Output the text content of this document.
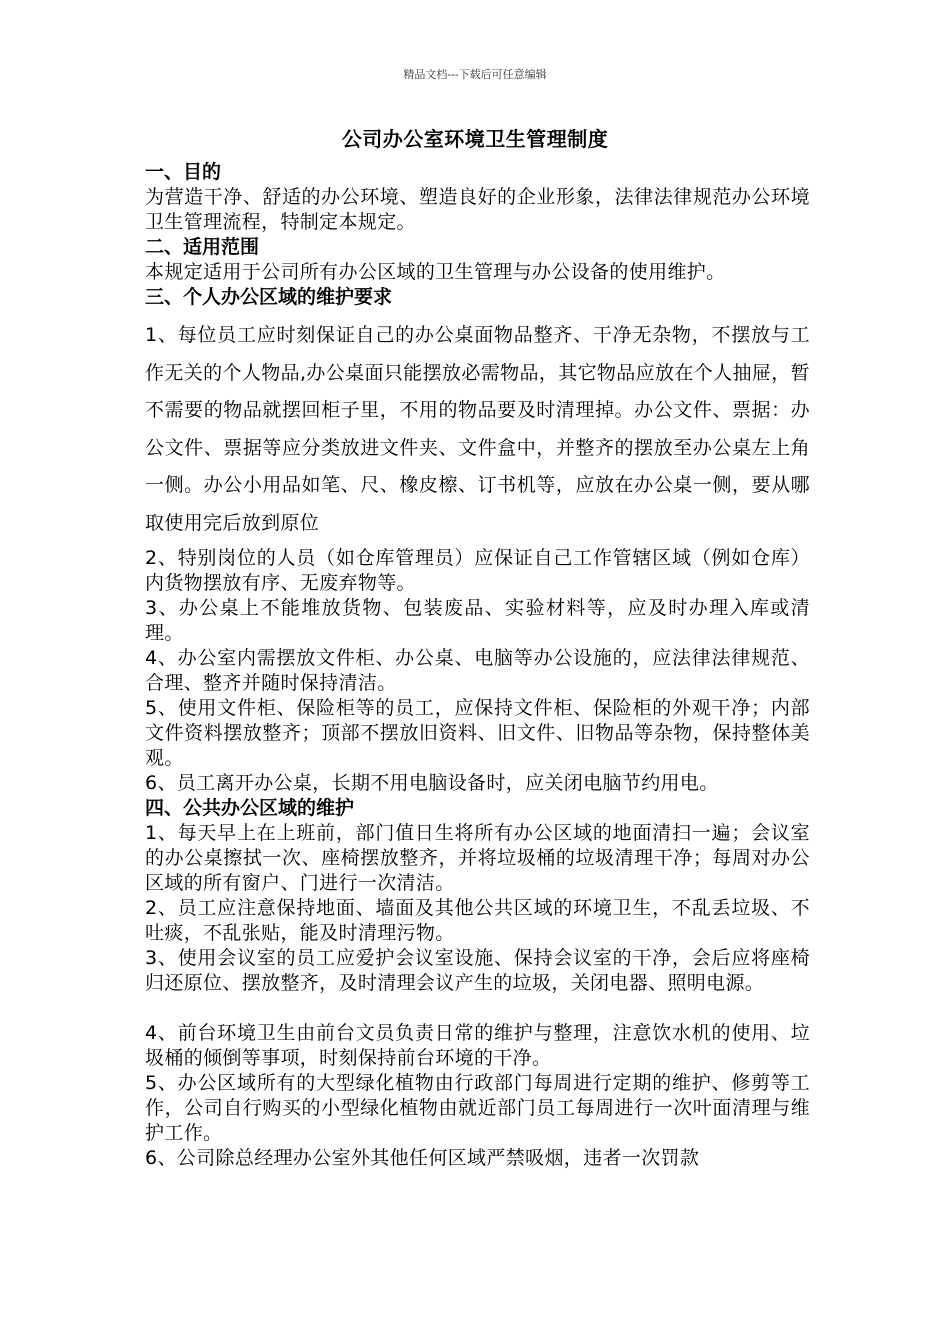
精品文档---下载后可任意编辑
公司办公室环境卫生管理制度
一、目的
为营造干净、舒适的办公环境、塑造良好的企业形象，法律法律规范办公环境卫生管理流程，特制定本规定。
二、适用范围
本规定适用于公司所有办公区域的卫生管理与办公设备的使用维护。
三、个人办公区域的维护要求
1、每位员工应时刻保证自己的办公桌面物品整齐、干净无杂物，不摆放与工作无关的个人物品,办公桌面只能摆放必需物品，其它物品应放在个人抽屉，暂不需要的物品就摆回柜子里，不用的物品要及时清理掉。办公文件、票据：办公文件、票据等应分类放进文件夹、文件盒中，并整齐的摆放至办公桌左上角一侧。办公小用品如笔、尺、橡皮檫、订书机等，应放在办公桌一侧，要从哪取使用完后放到原位
2、特别岗位的人员（如仓库管理员）应保证自己工作管辖区域（例如仓库）内货物摆放有序、无废弃物等。
3、办公桌上不能堆放货物、包装废品、实验材料等，应及时办理入库或清理。
4、办公室内需摆放文件柜、办公桌、电脑等办公设施的，应法律法律规范、合理、整齐并随时保持清洁。
5、使用文件柜、保险柜等的员工，应保持文件柜、保险柜的外观干净；内部文件资料摆放整齐；顶部不摆放旧资料、旧文件、旧物品等杂物，保持整体美观。
6、员工离开办公桌，长期不用电脑设备时，应关闭电脑节约用电。
四、公共办公区域的维护
1、每天早上在上班前，部门值日生将所有办公区域的地面清扫一遍；会议室的办公桌擦拭一次、座椅摆放整齐，并将垃圾桶的垃圾清理干净；每周对办公区域的所有窗户、门进行一次清洁。
2、员工应注意保持地面、墙面及其他公共区域的环境卫生，不乱丢垃圾、不吐痰，不乱张贴，能及时清理污物。
3、使用会议室的员工应爱护会议室设施、保持会议室的干净，会后应将座椅归还原位、摆放整齐，及时清理会议产生的垃圾，关闭电器、照明电源。
4、前台环境卫生由前台文员负责日常的维护与整理，注意饮水机的使用、垃圾桶的倾倒等事项，时刻保持前台环境的干净。
5、办公区域所有的大型绿化植物由行政部门每周进行定期的维护、修剪等工作，公司自行购买的小型绿化植物由就近部门员工每周进行一次叶面清理与维护工作。
6、公司除总经理办公室外其他任何区域严禁吸烟，违者一次罚款
